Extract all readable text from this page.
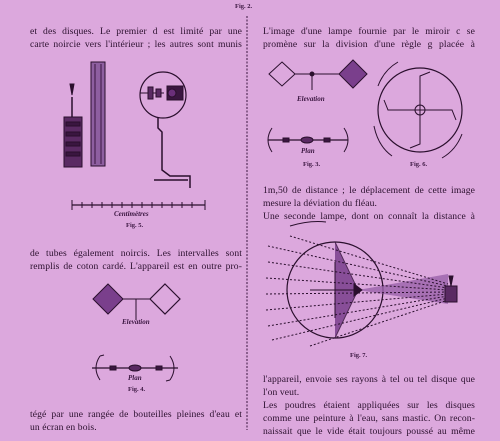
Fig. 2.
et des disques. Le premier d est limité par une
carte noircie vers l'intérieur ; les autres sont munis
Centimètres
Fig. 5.
de tubes également noircis. Les intervalles sont
remplis de coton cardé. L'appareil est en outre pro-
Elevation
Plan
Fig. 4.
tégé par une rangée de bouteilles pleines d'eau et
un écran en bois.
L'image d'une lampe fournie par le miroir c se
promène sur la division d'une règle g placée à
Elevation
Plan
Fig. 3.	Fig. 6.
1m,50 de distance ; le déplacement de cette image
mesure la déviation du fléau.
Une seconde lampe, dont on connaît la distance à
Fig. 7.
l'appareil, envoie ses rayons à tel ou tel disque que
l'on veut.
Les poudres étaient appliquées sur les disques
comme une peinture à l'eau, sans mastic. On recon-
naissait que le vide était toujours poussé au même
